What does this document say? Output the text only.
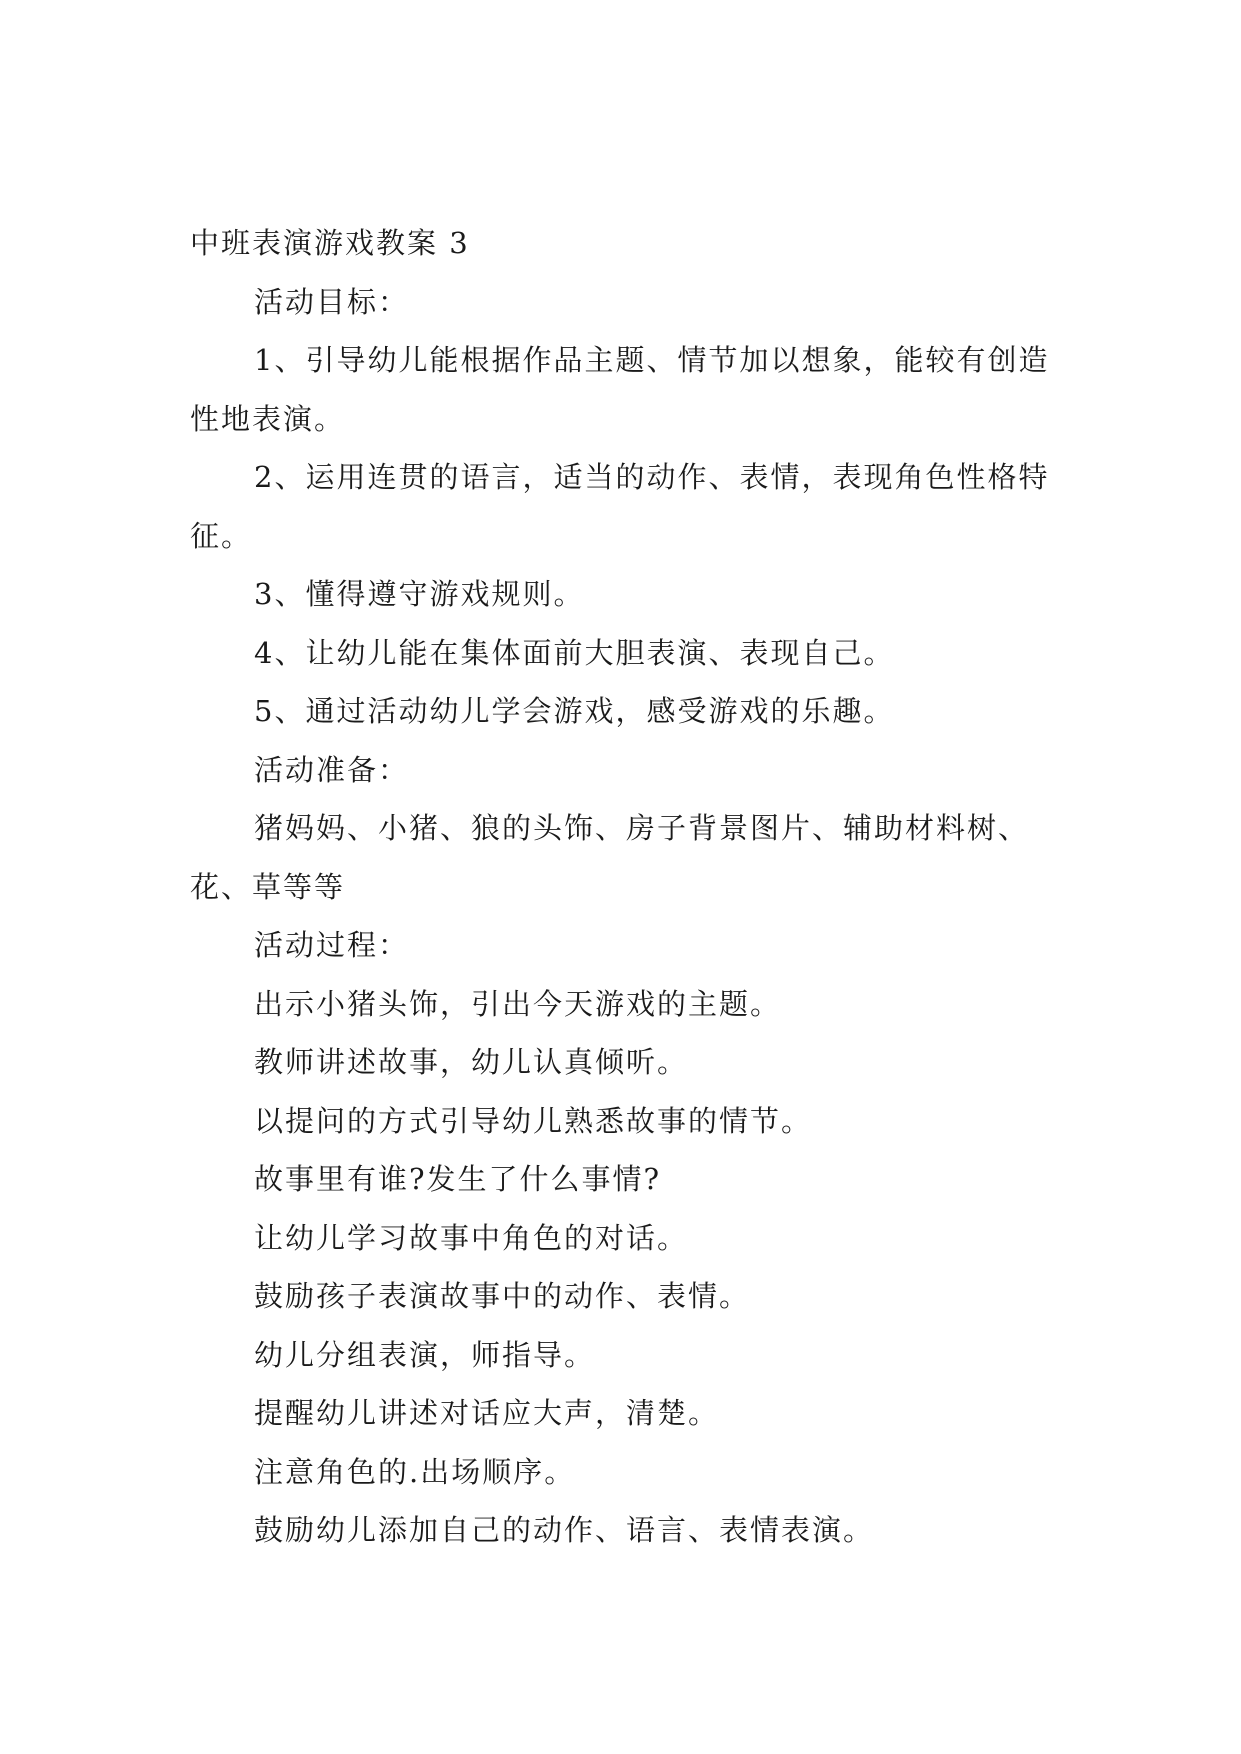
中班表演游戏教案 3

活动目标：

1、引导幼儿能根据作品主题、情节加以想象，能较有创造性地表演。

2、运用连贯的语言，适当的动作、表情，表现角色性格特征。

3、懂得遵守游戏规则。

4、让幼儿能在集体面前大胆表演、表现自己。

5、通过活动幼儿学会游戏，感受游戏的乐趣。

活动准备：

猪妈妈、小猪、狼的头饰、房子背景图片、辅助材料树、花、草等等

活动过程：

出示小猪头饰，引出今天游戏的主题。

教师讲述故事，幼儿认真倾听。

以提问的方式引导幼儿熟悉故事的情节。

故事里有谁?发生了什么事情?

让幼儿学习故事中角色的对话。

鼓励孩子表演故事中的动作、表情。

幼儿分组表演，师指导。

提醒幼儿讲述对话应大声，清楚。

注意角色的.出场顺序。

鼓励幼儿添加自己的动作、语言、表情表演。
